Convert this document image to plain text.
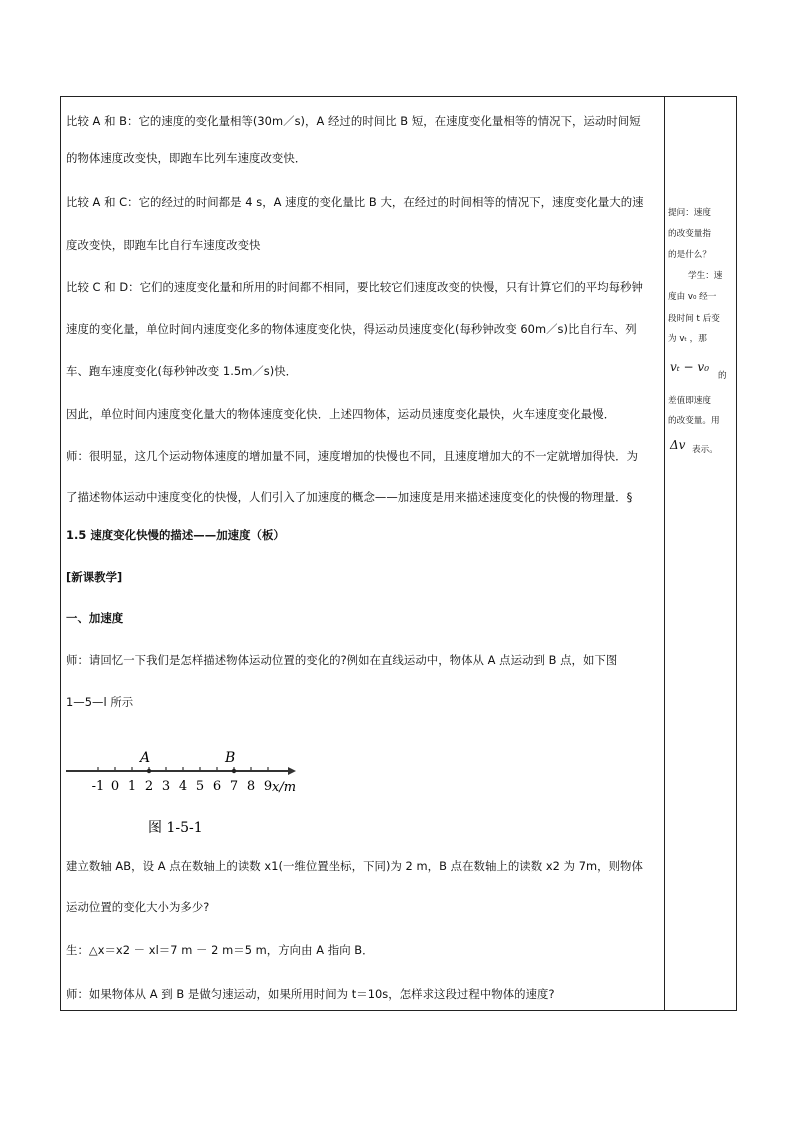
比较 A 和 B：它的速度的变化量相等(30m／s)，A 经过的时间比 B 短，在速度变化量相等的情况下，运动时间短
的物体速度改变快，即跑车比列车速度改变快．
比较 A 和 C：它的经过的时间都是 4 s，A 速度的变化量比 B 大，在经过的时间相等的情况下，速度变化量大的速
度改变快，即跑车比自行车速度改变快
比较 C 和 D：它们的速度变化量和所用的时间都不相同，要比较它们速度改变的快慢，只有计算它们的平均每秒钟
速度的变化量，单位时间内速度变化多的物体速度变化快，得运动员速度变化(每秒钟改变 60m／s)比自行车、列
车、跑车速度变化(每秒钟改变 1.5m／s)快．
因此，单位时间内速度变化量大的物体速度变化快．上述四物体，运动员速度变化最快，火车速度变化最慢．
师：很明显，这几个运动物体速度的增加量不同，速度增加的快慢也不同，且速度增加大的不一定就增加得快．为
了描述物体运动中速度变化的快慢，人们引入了加速度的概念——加速度是用来描述速度变化的快慢的物理量．§
1.5 速度变化快慢的描述——加速度（板）
[新课教学]
一、加速度
师：请回忆一下我们是怎样描述物体运动位置的变化的?例如在直线运动中，物体从 A 点运动到 B 点，如下图
1—5—l 所示
建立数轴 AB，设 A 点在数轴上的读数 x1(一维位置坐标，下同)为 2 m，B 点在数轴上的读数 x2 为 7m，则物体
运动位置的变化大小为多少?
生：△x＝x2 － xl＝7 m － 2 m＝5 m，方向由 A 指向 B．
师：如果物体从 A 到 B 是做匀速运动，如果所用时间为 t＝10s，怎样求这段过程中物体的速度?
提问：速度
的改变量指
的是什么？
学生：速
度由 v₀ 经一
段时间 t 后变
为 vₜ ，那
vₜ − v₀
的
差值即速度
的改变量。用
Δv 表示。
-1 0 1 2 3 4 5 6 7 8 9
A	B
x/m
图 1-5-1
